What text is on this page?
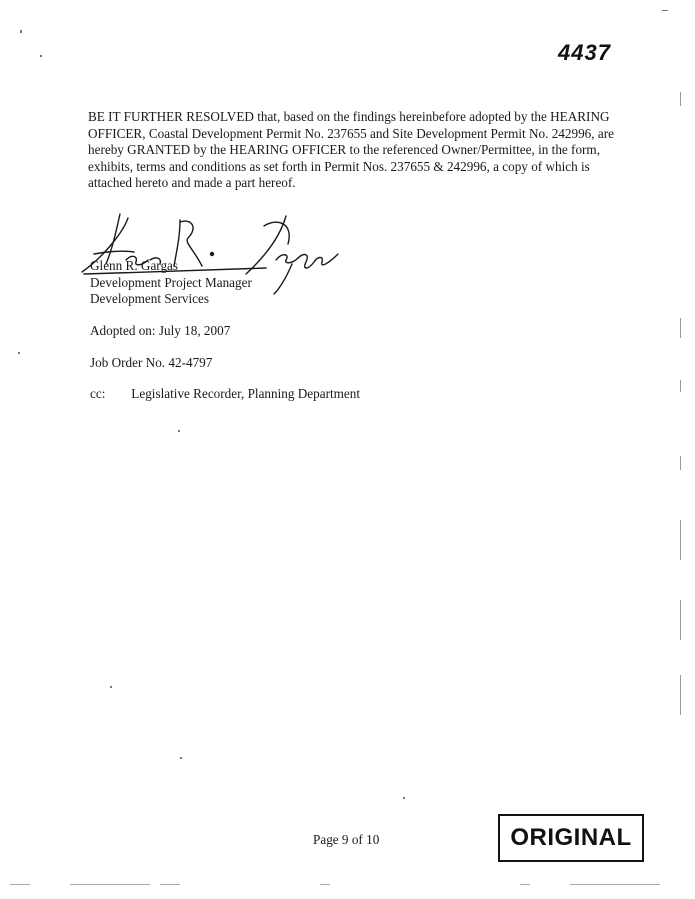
4437

BE IT FURTHER RESOLVED that, based on the findings hereinbefore adopted by the HEARING OFFICER, Coastal Development Permit No. 237655 and Site Development Permit No. 242996, are hereby GRANTED by the HEARING OFFICER to the referenced Owner/Permittee, in the form, exhibits, terms and conditions as set forth in Permit Nos. 237655 & 242996, a copy of which is attached hereto and made a part hereof.

Glenn R. Gargas
Development Project Manager
Development Services
Adopted on: July 18, 2007
Job Order No. 42-4797
cc: Legislative Recorder, Planning Department
Page 9 of 10	ORIGINAL
